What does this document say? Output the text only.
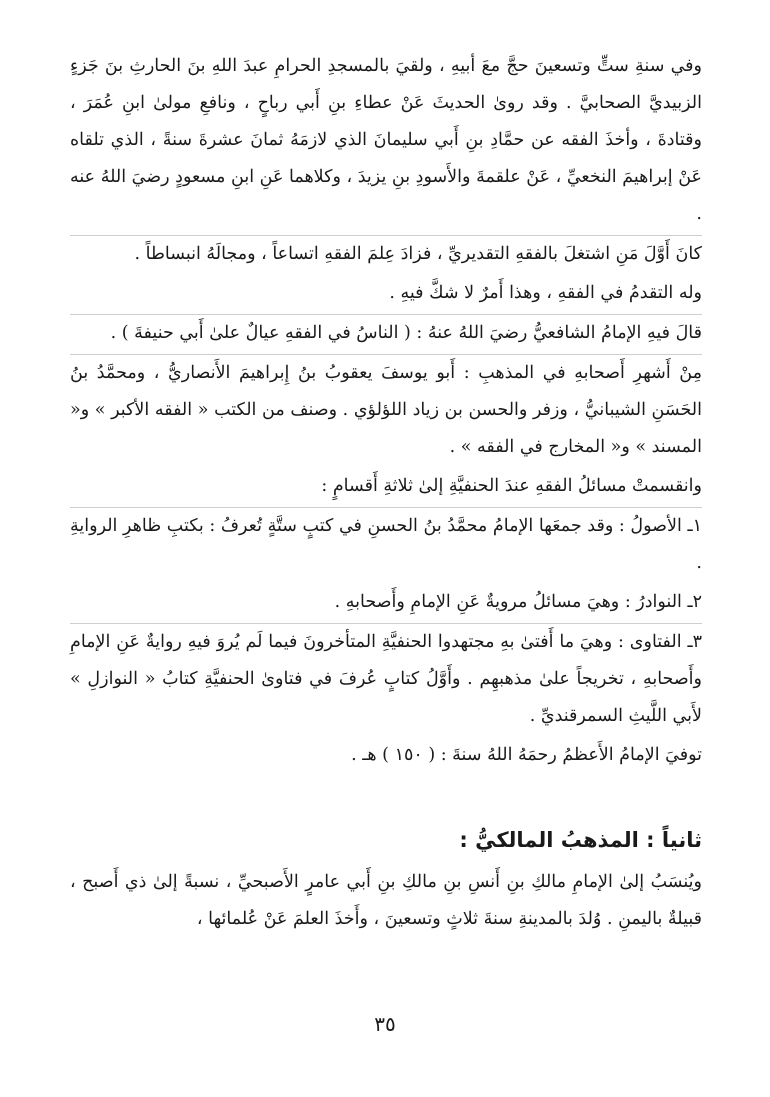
وفي سنةِ ستٍّ وتسعينَ حجَّ معَ أبيهِ ، ولقيَ بالمسجدِ الحرامِ عبدَ اللهِ بنَ الحارثِ بنَ جَزءٍ الزبيديَّ الصحابيَّ . وقد روىٰ الحديثَ عَنْ عطاءِ بنِ أَبي رباحٍ ، ونافعِ مولىٰ ابنِ عُمَرَ ، وقتادةَ ، وأخذَ الفقه عن حمَّادِ بنِ أَبي سليمانَ الذي لازمَهُ ثمانَ عشرةَ سنةً ، الذي تلقاه عَنْ إبراهيمَ النخعيِّ ، عَنْ علقمةَ والأَسودِ بنِ يزيدَ ، وكلاهما عَنِ ابنِ مسعودٍ رضيَ اللهُ عنه .

كانَ أَوَّلَ مَنِ اشتغلَ بالفقهِ التقديريِّ ، فزادَ عِلمَ الفقهِ اتساعاً ، ومجالَهُ انبساطاً .

وله التقدمُ في الفقهِ ، وهذا أَمرٌ لا شكَّ فيهِ .

قالَ فيهِ الإمامُ الشافعيُّ رضيَ اللهُ عنهُ : ( الناسُ في الفقهِ عيالٌ علىٰ أَبي حنيفةَ ) .

مِنْ أَشهرِ أَصحابهِ في المذهبِ : أَبو يوسفَ يعقوبُ بنُ إِبراهيمَ الأَنصاريُّ ، ومحمَّدُ بنُ الحَسَنِ الشيبانيُّ ، وزفر والحسن بن زياد اللؤلؤي . وصنف من الكتب « الفقه الأكبر » و« المسند » و« المخارج في الفقه » .

وانقسمتْ مسائلُ الفقهِ عندَ الحنفيَّةِ إلىٰ ثلاثةِ أَقسامٍ :

١ـ الأصولُ : وقد جمعَها الإمامُ محمَّدُ بنُ الحسنِ في كتبٍ ستَّةٍ تُعرفُ : بكتبِ ظاهرِ الروايةِ .

٢ـ النوادرُ : وهيَ مسائلُ مرويةٌ عَنِ الإمامِ وأَصحابهِ .

٣ـ الفتاوى : وهيَ ما أَفتىٰ بهِ مجتهدوا الحنفيَّةِ المتأخرونَ فيما لَم يُروَ فيهِ روايةٌ عَنِ الإمامِ وأَصحابهِ ، تخريجاً علىٰ مذهبهِم . وأَوَّلُ كتابٍ عُرفَ في فتاوىٰ الحنفيَّةِ كتابُ « النوازلِ » لأَبي اللَّيثِ السمرقنديِّ .

توفيَ الإمامُ الأَعظمُ رحمَهُ اللهُ سنةَ : ( ١٥٠ ) هـ .

ثانياً : المذهبُ المالكيُّ :

ويُنسَبُ إلىٰ الإمامِ مالكِ بنِ أَنسِ بنِ مالكِ بنِ أَبي عامرٍ الأَصبحيِّ ، نسبةً إلىٰ ذي أَصبح ، قبيلةٌ باليمنِ . وُلدَ بالمدينةِ سنةَ ثلاثٍ وتسعينَ ، وأَخذَ العلمَ عَنْ عُلمائها ،

٣٥
